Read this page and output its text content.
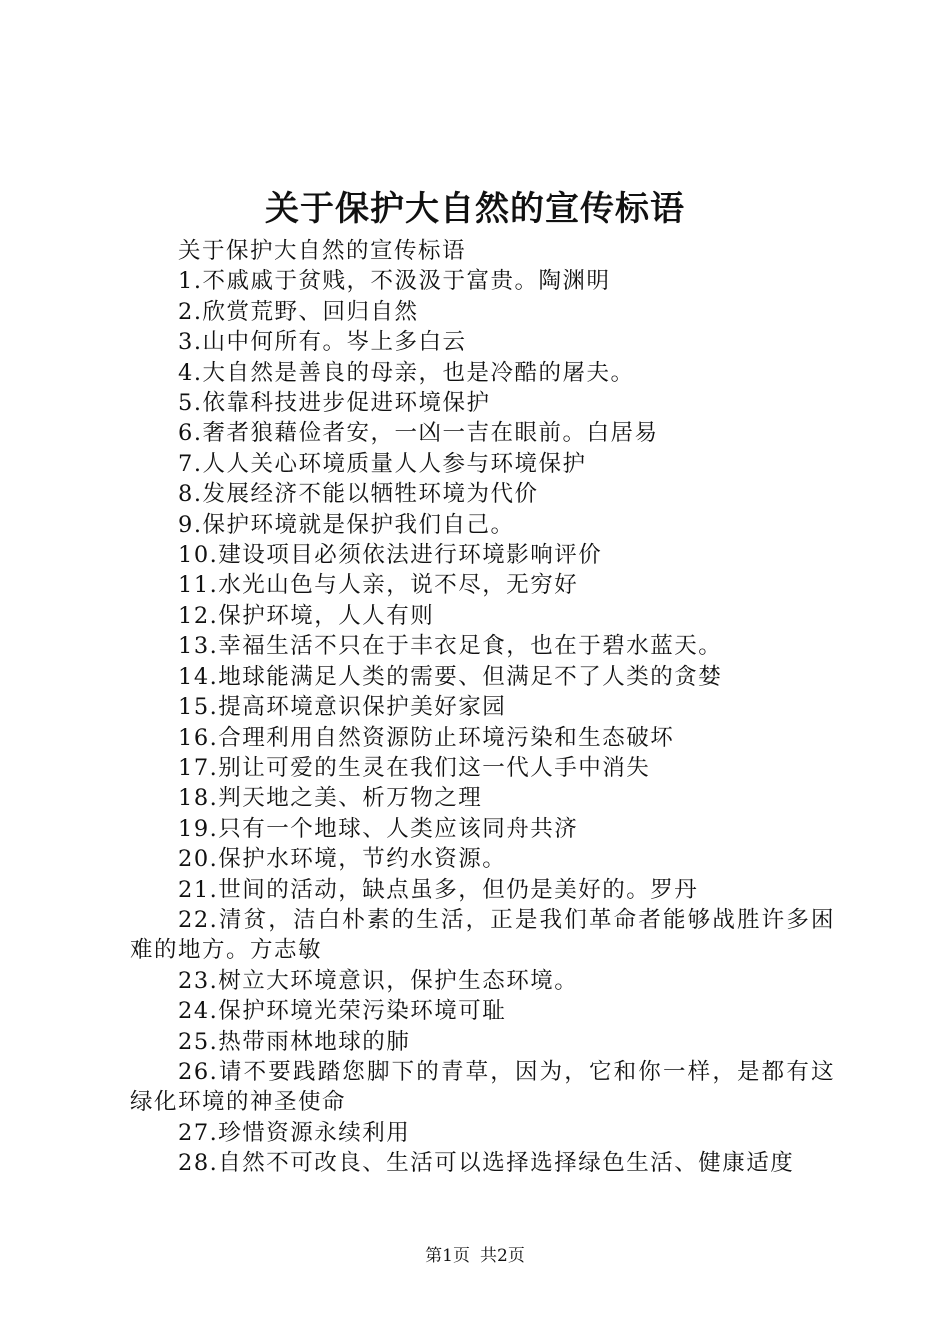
关于保护大自然的宣传标语

关于保护大自然的宣传标语

1.不戚戚于贫贱，不汲汲于富贵。陶渊明

2.欣赏荒野、回归自然

3.山中何所有。岑上多白云

4.大自然是善良的母亲，也是冷酷的屠夫。

5.依靠科技进步促进环境保护

6.奢者狼藉俭者安，一凶一吉在眼前。白居易

7.人人关心环境质量人人参与环境保护

8.发展经济不能以牺牲环境为代价

9.保护环境就是保护我们自己。

10.建设项目必须依法进行环境影响评价

11.水光山色与人亲，说不尽，无穷好

12.保护环境，人人有则

13.幸福生活不只在于丰衣足食，也在于碧水蓝天。

14.地球能满足人类的需要、但满足不了人类的贪婪

15.提高环境意识保护美好家园

16.合理利用自然资源防止环境污染和生态破坏

17.别让可爱的生灵在我们这一代人手中消失

18.判天地之美、析万物之理

19.只有一个地球、人类应该同舟共济

20.保护水环境，节约水资源。

21.世间的活动，缺点虽多，但仍是美好的。罗丹

22.清贫，洁白朴素的生活，正是我们革命者能够战胜许多困难的地方。方志敏

23.树立大环境意识，保护生态环境。

24.保护环境光荣污染环境可耻

25.热带雨林地球的肺

26.请不要践踏您脚下的青草，因为，它和你一样，是都有这绿化环境的神圣使命

27.珍惜资源永续利用

28.自然不可改良、生活可以选择选择绿色生活、健康适度

第1页 共2页
